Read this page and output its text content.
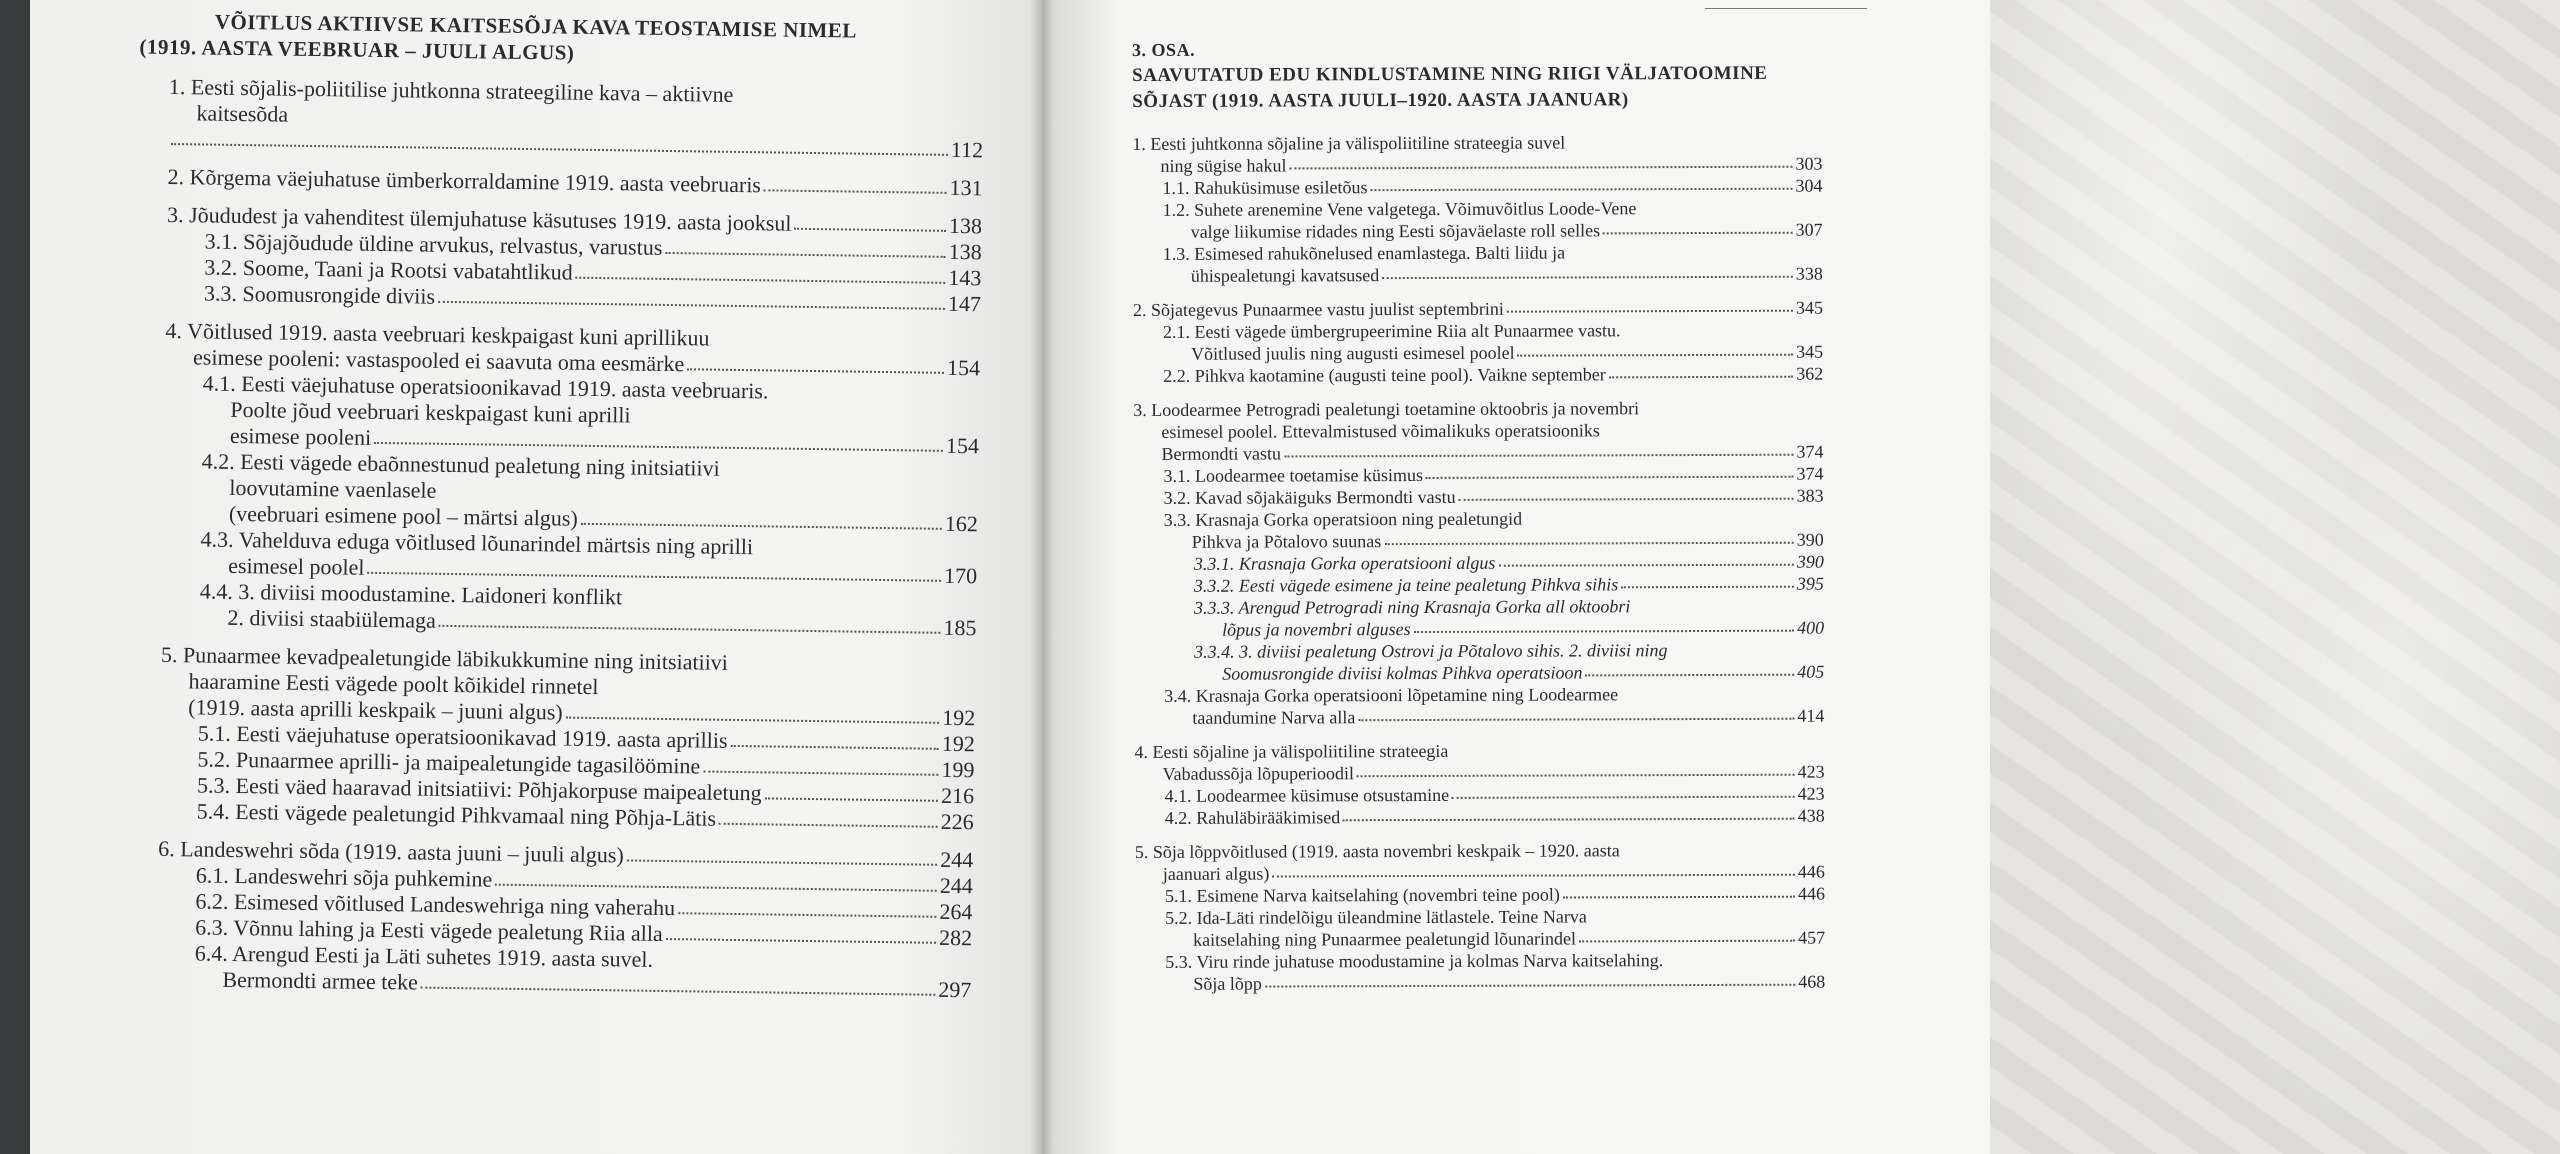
VÕITLUS AKTIIVSE KAITSESÕJA KAVA TEOSTAMISE NIMEL

(1919. AASTA VEEBRUAR – JUULI ALGUS)

1. Eesti sõjalis-poliitilise juhtkonna strateegiline kava – aktiivne
kaitsesõda
112
2. Kõrgema väejuhatuse ümberkorraldamine 1919. aasta veebruaris	131
3. Jõududest ja vahenditest ülemjuhatuse käsutuses 1919. aasta jooksul	138
3.1. Sõjajõudude üldine arvukus, relvastus, varustus	138
3.2. Soome, Taani ja Rootsi vabatahtlikud	143
3.3. Soomusrongide diviis	147
4. Võitlused 1919. aasta veebruari keskpaigast kuni aprillikuu
esimese pooleni: vastaspooled ei saavuta oma eesmärke	154
4.1. Eesti väejuhatuse operatsioonikavad 1919. aasta veebruaris.
Poolte jõud veebruari keskpaigast kuni aprilli
esimese pooleni	154
4.2. Eesti vägede ebaõnnestunud pealetung ning initsiatiivi
loovutamine vaenlasele
(veebruari esimene pool – märtsi algus)	162
4.3. Vahelduva eduga võitlused lõunarindel märtsis ning aprilli
esimesel poolel	170
4.4. 3. diviisi moodustamine. Laidoneri konflikt
2. diviisi staabiülemaga	185
5. Punaarmee kevadpealetungide läbikukkumine ning initsiatiivi
haaramine Eesti vägede poolt kõikidel rinnetel
(1919. aasta aprilli keskpaik – juuni algus)	192
5.1. Eesti väejuhatuse operatsioonikavad 1919. aasta aprillis	192
5.2. Punaarmee aprilli- ja maipealetungide tagasilöömine	199
5.3. Eesti väed haaravad initsiatiivi: Põhjakorpuse maipealetung	216
5.4. Eesti vägede pealetungid Pihkvamaal ning Põhja-Lätis	226
6. Landeswehri sõda (1919. aasta juuni – juuli algus)	244
6.1. Landeswehri sõja puhkemine	244
6.2. Esimesed võitlused Landeswehriga ning vaherahu	264
6.3. Võnnu lahing ja Eesti vägede pealetung Riia alla	282
6.4. Arengud Eesti ja Läti suhetes 1919. aasta suvel.
Bermondti armee teke	297

3. OSA.

SAAVUTATUD EDU KINDLUSTAMINE NING RIIGI VÄLJATOOMINE

SÕJAST (1919. AASTA JUULI–1920. AASTA JAANUAR)

1. Eesti juhtkonna sõjaline ja välispoliitiline strateegia suvel
ning sügise hakul	303
1.1. Rahuküsimuse esiletõus	304
1.2. Suhete arenemine Vene valgetega. Võimuvõitlus Loode-Vene
valge liikumise ridades ning Eesti sõjaväelaste roll selles	307
1.3. Esimesed rahukõnelused enamlastega. Balti liidu ja
ühispealetungi kavatsused	338
2. Sõjategevus Punaarmee vastu juulist septembrini	345
2.1. Eesti vägede ümbergrupeerimine Riia alt Punaarmee vastu.
Võitlused juulis ning augusti esimesel poolel	345
2.2. Pihkva kaotamine (augusti teine pool). Vaikne september	362
3. Loodearmee Petrogradi pealetungi toetamine oktoobris ja novembri
esimesel poolel. Ettevalmistused võimalikuks operatsiooniks
Bermondti vastu	374
3.1. Loodearmee toetamise küsimus	374
3.2. Kavad sõjakäiguks Bermondti vastu	383
3.3. Krasnaja Gorka operatsioon ning pealetungid
Pihkva ja Põtalovo suunas	390
3.3.1. Krasnaja Gorka operatsiooni algus	390
3.3.2. Eesti vägede esimene ja teine pealetung Pihkva sihis	395
3.3.3. Arengud Petrogradi ning Krasnaja Gorka all oktoobri
lõpus ja novembri alguses	400
3.3.4. 3. diviisi pealetung Ostrovi ja Põtalovo sihis. 2. diviisi ning
Soomusrongide diviisi kolmas Pihkva operatsioon	405
3.4. Krasnaja Gorka operatsiooni lõpetamine ning Loodearmee
taandumine Narva alla	414
4. Eesti sõjaline ja välispoliitiline strateegia
Vabadussõja lõpuperioodil	423
4.1. Loodearmee küsimuse otsustamine	423
4.2. Rahuläbirääkimised	438
5. Sõja lõppvõitlused (1919. aasta novembri keskpaik – 1920. aasta
jaanuari algus)	446
5.1. Esimene Narva kaitselahing (novembri teine pool)	446
5.2. Ida-Läti rindelõigu üleandmine lätlastele. Teine Narva
kaitselahing ning Punaarmee pealetungid lõunarindel	457
5.3. Viru rinde juhatuse moodustamine ja kolmas Narva kaitselahing.
Sõja lõpp	468
